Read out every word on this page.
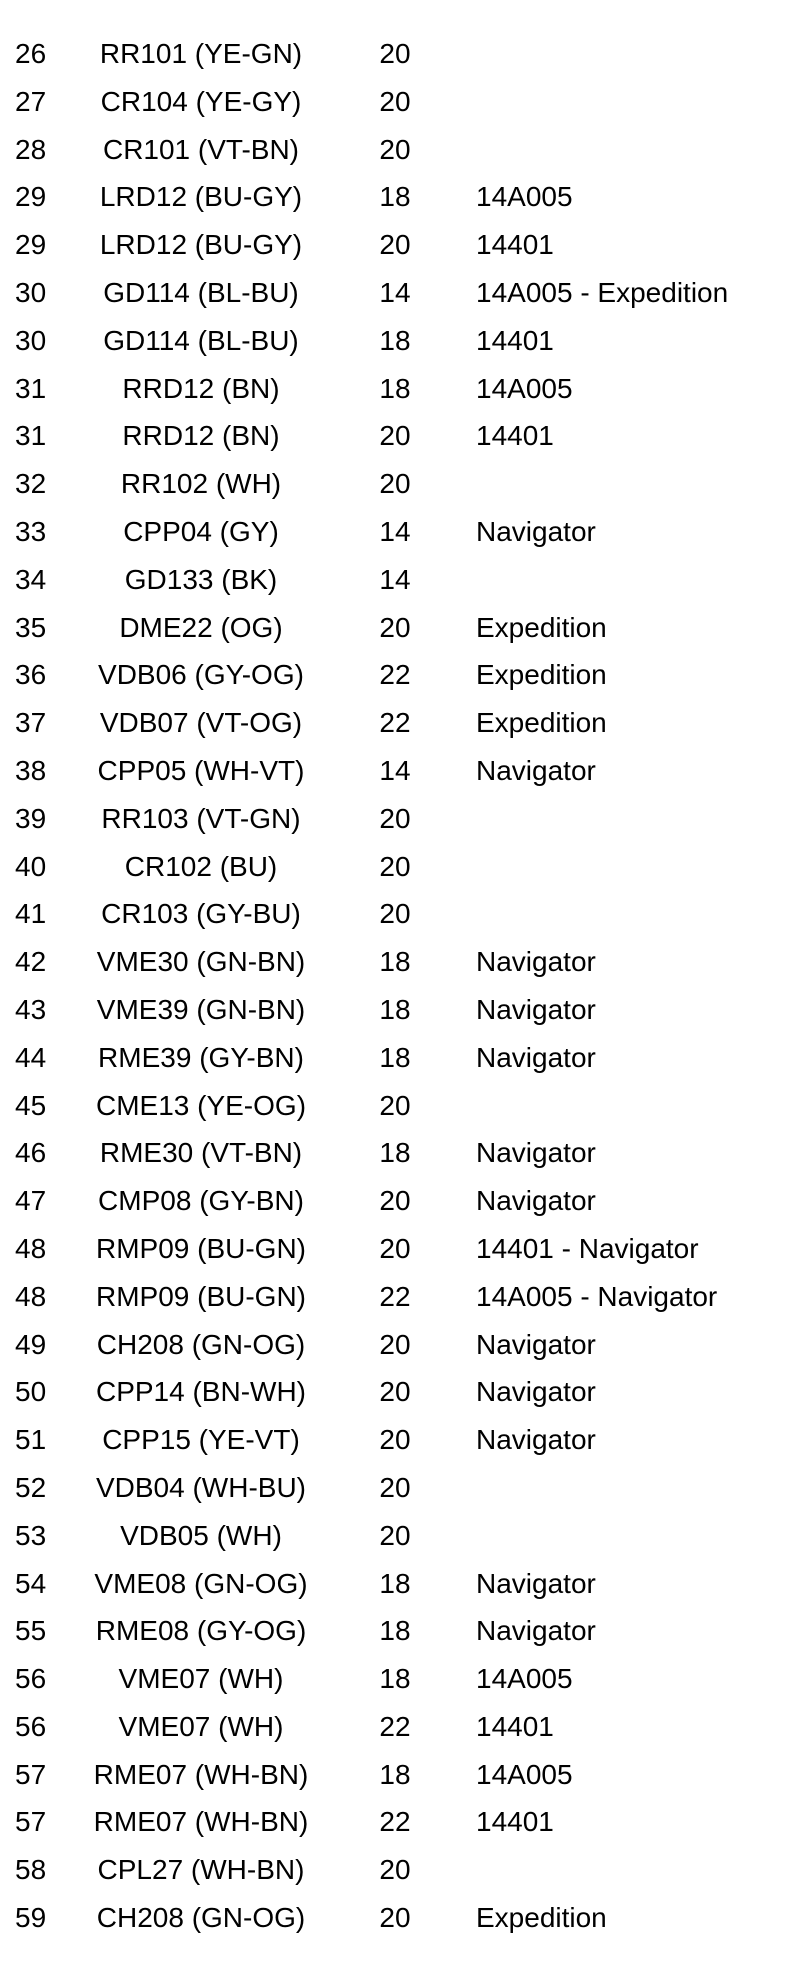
26	RR101 (YE-GN)	20
27	CR104 (YE-GY)	20
28	CR101 (VT-BN)	20
29	LRD12 (BU-GY)	18	14A005
29	LRD12 (BU-GY)	20	14401
30	GD114 (BL-BU)	14	14A005 - Expedition
30	GD114 (BL-BU)	18	14401
31	RRD12 (BN)	18	14A005
31	RRD12 (BN)	20	14401
32	RR102 (WH)	20
33	CPP04 (GY)	14	Navigator
34	GD133 (BK)	14
35	DME22 (OG)	20	Expedition
36	VDB06 (GY-OG)	22	Expedition
37	VDB07 (VT-OG)	22	Expedition
38	CPP05 (WH-VT)	14	Navigator
39	RR103 (VT-GN)	20
40	CR102 (BU)	20
41	CR103 (GY-BU)	20
42	VME30 (GN-BN)	18	Navigator
43	VME39 (GN-BN)	18	Navigator
44	RME39 (GY-BN)	18	Navigator
45	CME13 (YE-OG)	20
46	RME30 (VT-BN)	18	Navigator
47	CMP08 (GY-BN)	20	Navigator
48	RMP09 (BU-GN)	20	14401 - Navigator
48	RMP09 (BU-GN)	22	14A005 - Navigator
49	CH208 (GN-OG)	20	Navigator
50	CPP14 (BN-WH)	20	Navigator
51	CPP15 (YE-VT)	20	Navigator
52	VDB04 (WH-BU)	20
53	VDB05 (WH)	20
54	VME08 (GN-OG)	18	Navigator
55	RME08 (GY-OG)	18	Navigator
56	VME07 (WH)	18	14A005
56	VME07 (WH)	22	14401
57	RME07 (WH-BN)	18	14A005
57	RME07 (WH-BN)	22	14401
58	CPL27 (WH-BN)	20
59	CH208 (GN-OG)	20	Expedition
